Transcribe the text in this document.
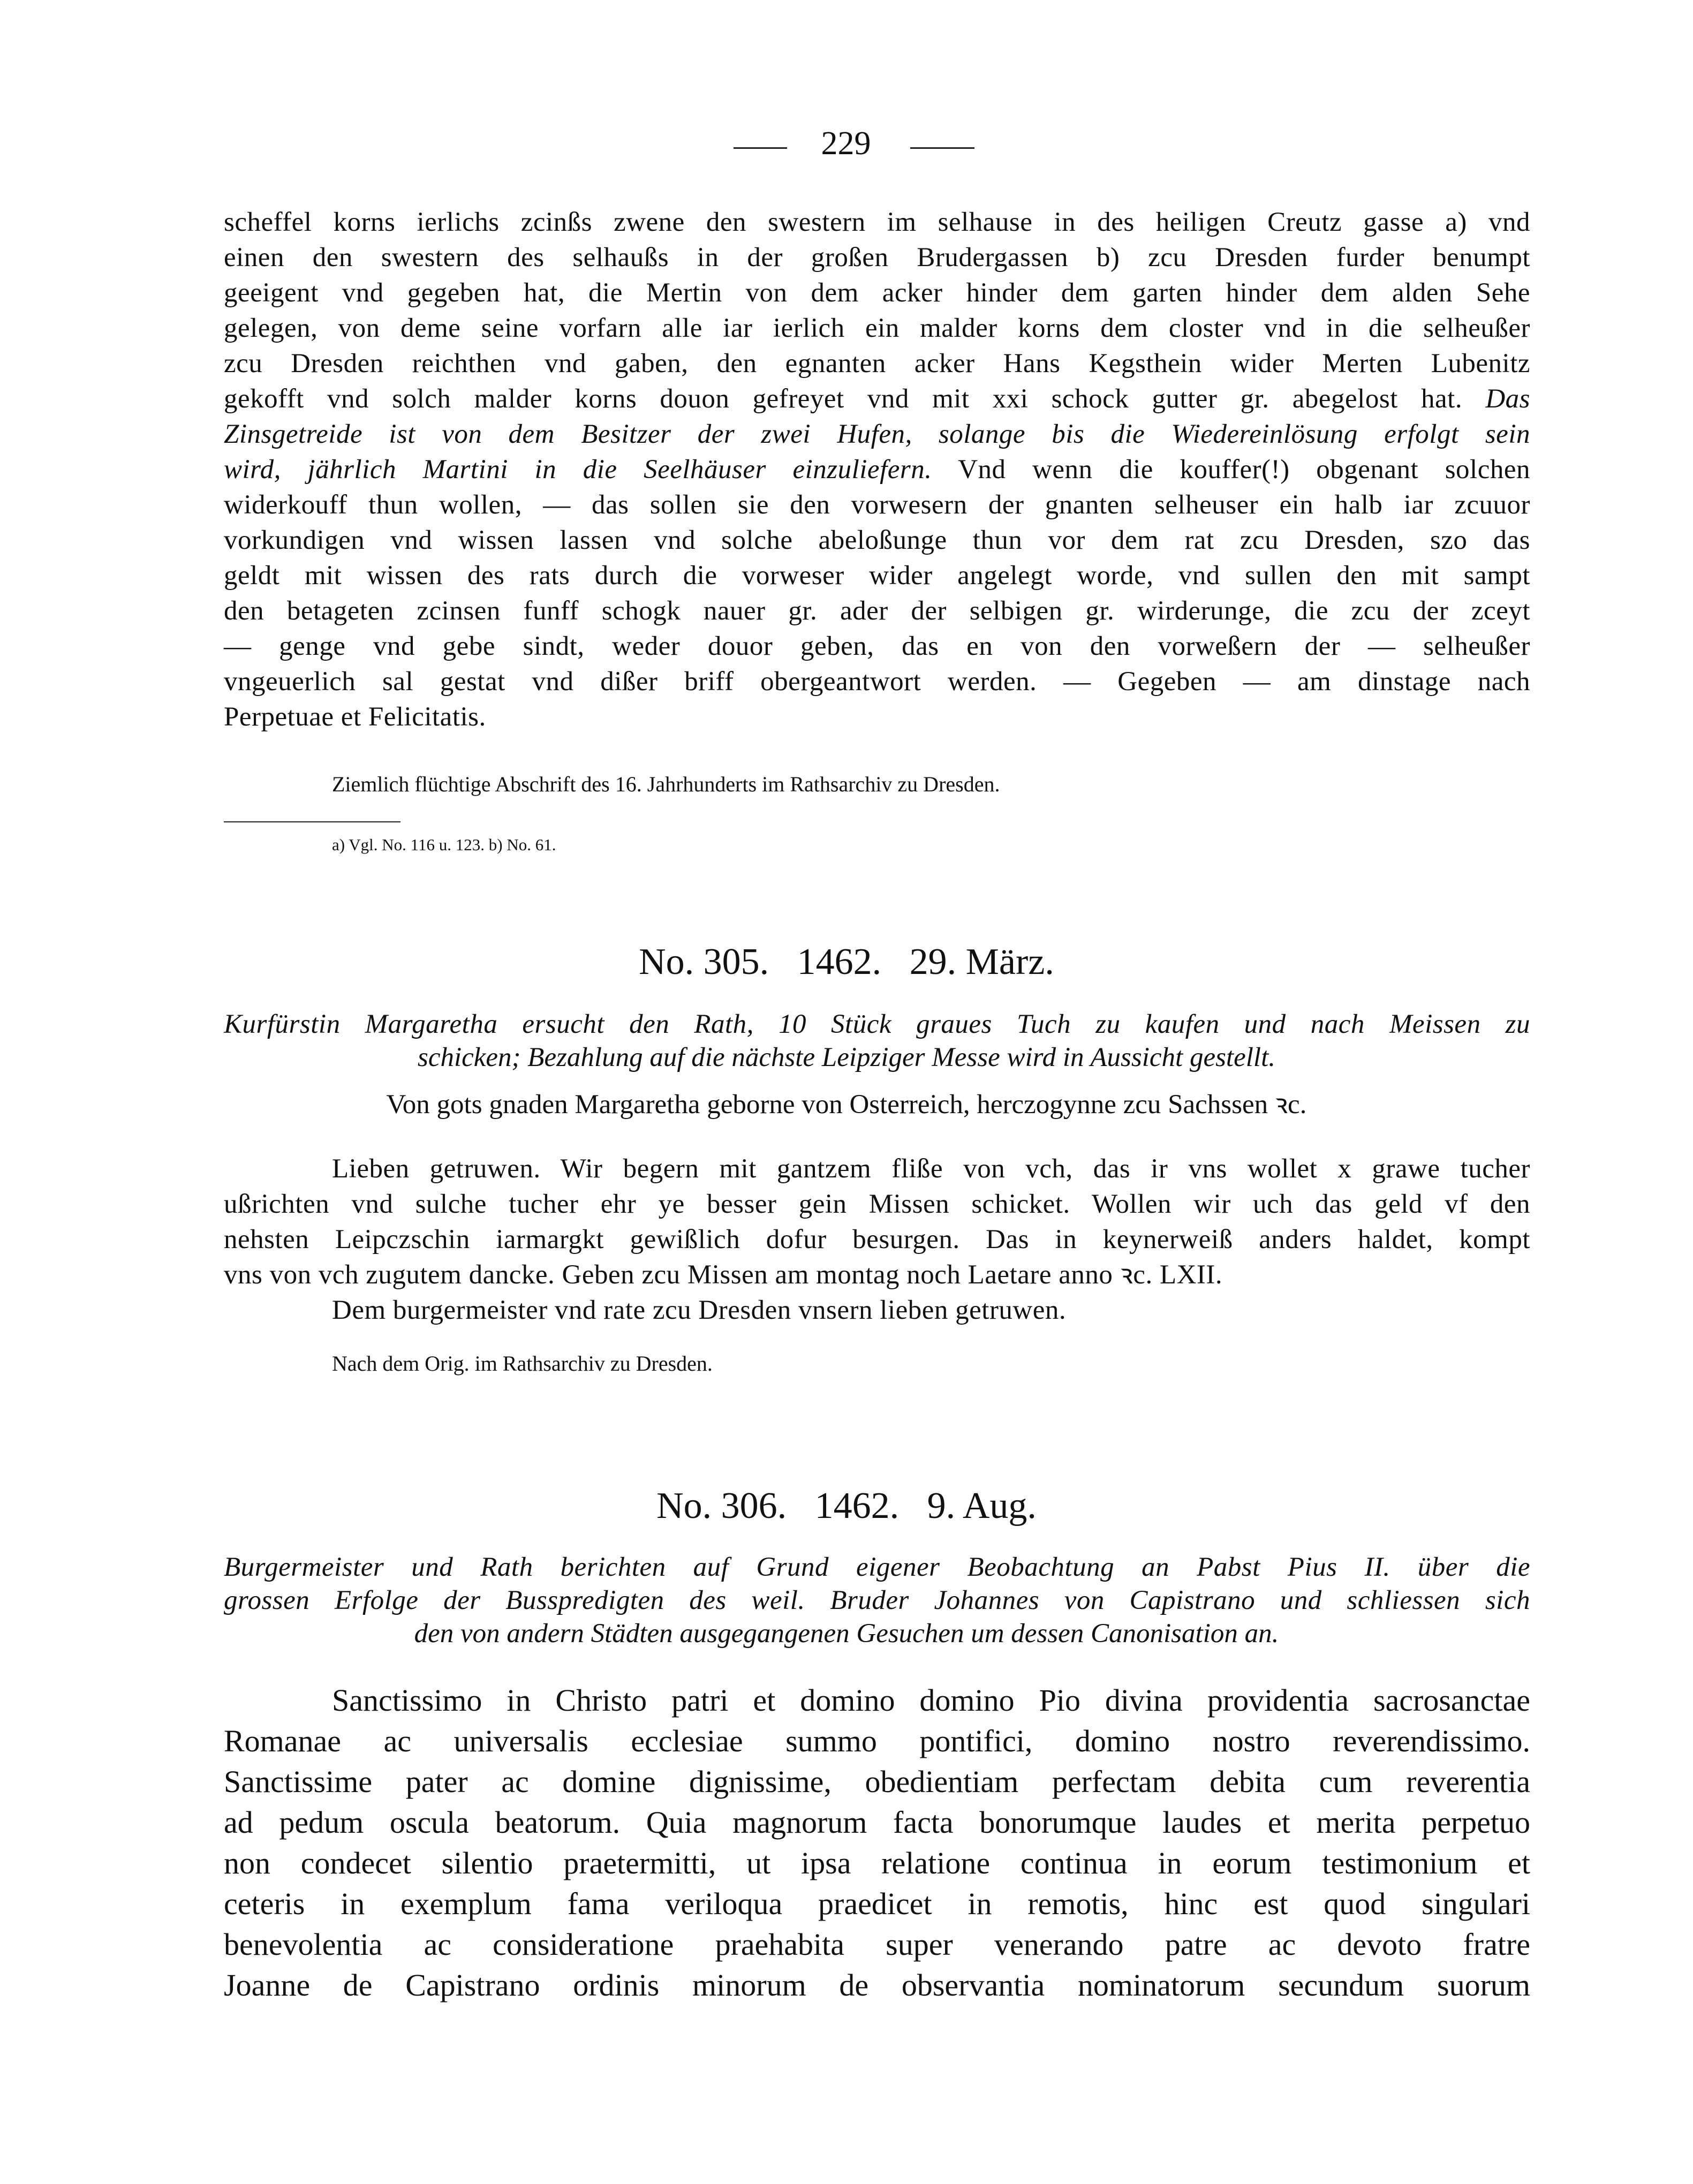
229
scheffel korns ierlichs zcinßs zwene den swestern im selhause in des heiligen Creutz gasse a) vnd
einen den swestern des selhaußs in der großen Brudergassen b) zcu Dresden furder benumpt
geeigent vnd gegeben hat, die Mertin von dem acker hinder dem garten hinder dem alden Sehe
gelegen, von deme seine vorfarn alle iar ierlich ein malder korns dem closter vnd in die selheußer
zcu Dresden reichthen vnd gaben, den egnanten acker Hans Kegsthein wider Merten Lubenitz
gekofft vnd solch malder korns douon gefreyet vnd mit xxi schock gutter gr. abegelost hat. Das
Zinsgetreide ist von dem Besitzer der zwei Hufen, solange bis die Wiedereinlösung erfolgt sein
wird, jährlich Martini in die Seelhäuser einzuliefern. Vnd wenn die kouffer(!) obgenant solchen
widerkouff thun wollen, — das sollen sie den vorwesern der gnanten selheuser ein halb iar zcuuor
vorkundigen vnd wissen lassen vnd solche abeloßunge thun vor dem rat zcu Dresden, szo das
geldt mit wissen des rats durch die vorweser wider angelegt worde, vnd sullen den mit sampt
den betageten zcinsen funff schogk nauer gr. ader der selbigen gr. wirderunge, die zcu der zceyt
— genge vnd gebe sindt, weder douor geben, das en von den vorweßern der — selheußer
vngeuerlich sal gestat vnd dißer briff obergeantwort werden. — Gegeben — am dinstage nach
Perpetuae et Felicitatis.
Ziemlich flüchtige Abschrift des 16. Jahrhunderts im Rathsarchiv zu Dresden.
a) Vgl. No. 116 u. 123. b) No. 61.
No. 305.   1462.   29. März.
Kurfürstin Margaretha ersucht den Rath, 10 Stück graues Tuch zu kaufen und nach Meissen zu
schicken; Bezahlung auf die nächste Leipziger Messe wird in Aussicht gestellt.
Von gots gnaden Margaretha geborne von Osterreich, herczogynne zcu Sachssen ꝛc.
Lieben getruwen. Wir begern mit gantzem fliße von vch, das ir vns wollet x grawe tucher
ußrichten vnd sulche tucher ehr ye besser gein Missen schicket. Wollen wir uch das geld vf den
nehsten Leipczschin iarmargkt gewißlich dofur besurgen. Das in keynerweiß anders haldet, kompt
vns von vch zugutem dancke. Geben zcu Missen am montag noch Laetare anno ꝛc. LXII.
Dem burgermeister vnd rate zcu Dresden vnsern lieben getruwen.
Nach dem Orig. im Rathsarchiv zu Dresden.
No. 306.   1462.   9. Aug.
Burgermeister und Rath berichten auf Grund eigener Beobachtung an Pabst Pius II. über die
grossen Erfolge der Busspredigten des weil. Bruder Johannes von Capistrano und schliessen sich
den von andern Städten ausgegangenen Gesuchen um dessen Canonisation an.
Sanctissimo in Christo patri et domino domino Pio divina providentia sacrosanctae
Romanae ac universalis ecclesiae summo pontifici, domino nostro reverendissimo.
Sanctissime pater ac domine dignissime, obedientiam perfectam debita cum reverentia
ad pedum oscula beatorum. Quia magnorum facta bonorumque laudes et merita perpetuo
non condecet silentio praetermitti, ut ipsa relatione continua in eorum testimonium et
ceteris in exemplum fama veriloqua praedicet in remotis, hinc est quod singulari
benevolentia ac consideratione praehabita super venerando patre ac devoto fratre
Joanne de Capistrano ordinis minorum de observantia nominatorum secundum suorum
